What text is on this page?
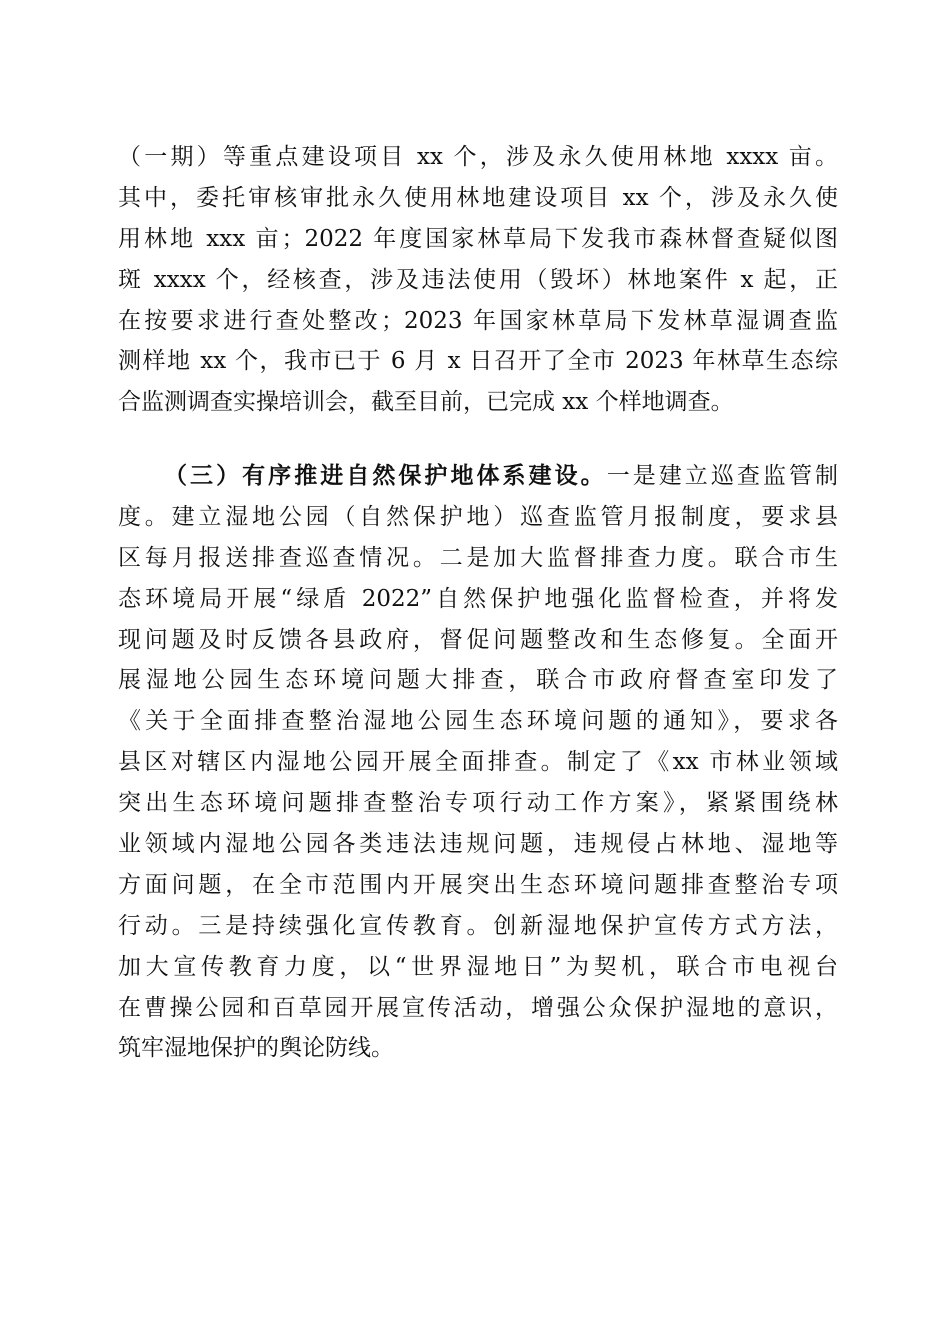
（一期）等重点建设项目 xx 个，涉及永久使用林地 xxxx 亩。
其中，委托审核审批永久使用林地建设项目 xx 个，涉及永久使
用林地 xxx 亩；2022 年度国家林草局下发我市森林督查疑似图
斑 xxxx 个，经核查，涉及违法使用（毁坏）林地案件 x 起，正
在按要求进行查处整改；2023 年国家林草局下发林草湿调查监
测样地 xx 个，我市已于 6 月 x 日召开了全市 2023 年林草生态综
合监测调查实操培训会，截至目前，已完成 xx 个样地调查。
（三）有序推进自然保护地体系建设。一是建立巡查监管制
度。建立湿地公园（自然保护地）巡查监管月报制度，要求县
区每月报送排查巡查情况。二是加大监督排查力度。联合市生
态环境局开展“绿盾 2022”自然保护地强化监督检查，并将发
现问题及时反馈各县政府，督促问题整改和生态修复。全面开
展湿地公园生态环境问题大排查，联合市政府督查室印发了
《关于全面排查整治湿地公园生态环境问题的通知》，要求各
县区对辖区内湿地公园开展全面排查。制定了《xx 市林业领域
突出生态环境问题排查整治专项行动工作方案》，紧紧围绕林
业领域内湿地公园各类违法违规问题，违规侵占林地、湿地等
方面问题，在全市范围内开展突出生态环境问题排查整治专项
行动。三是持续强化宣传教育。创新湿地保护宣传方式方法，
加大宣传教育力度，以“世界湿地日”为契机，联合市电视台
在曹操公园和百草园开展宣传活动，增强公众保护湿地的意识，
筑牢湿地保护的舆论防线。
